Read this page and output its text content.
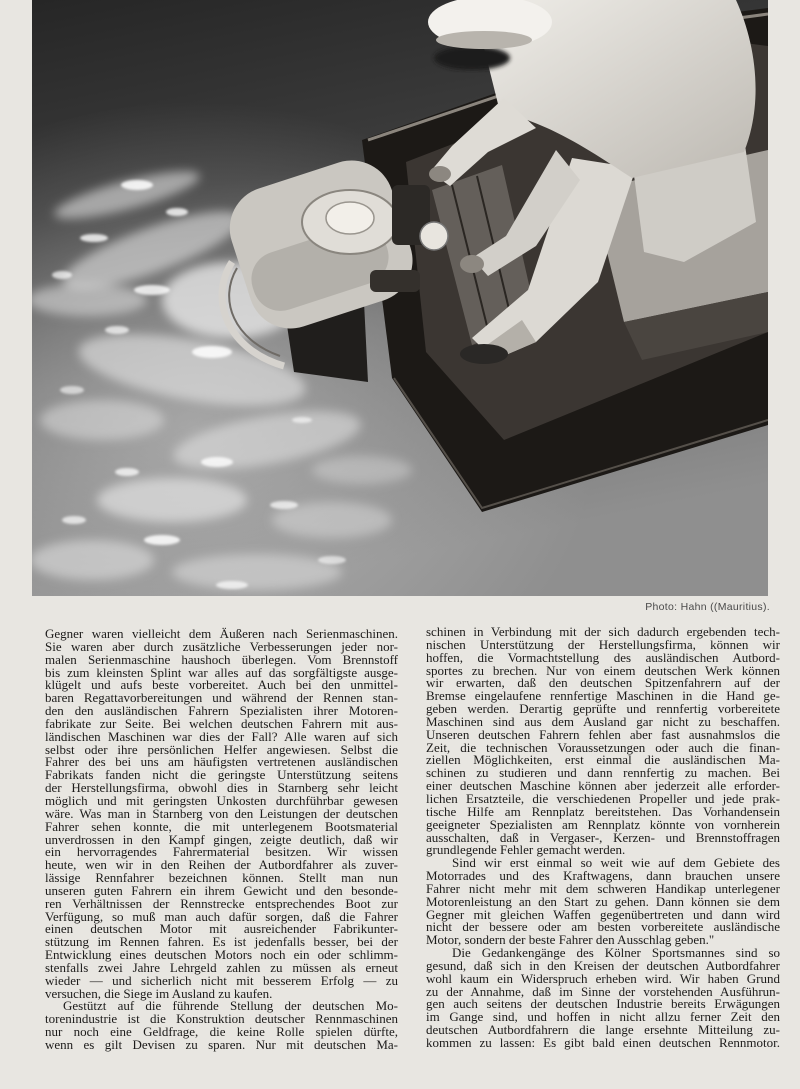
Photo: Hahn ((Mauritius).
Gegner waren vielleicht dem Äußeren nach Serienmaschinen.
Sie waren aber durch zusätzliche Verbesserungen jeder nor-
malen Serienmaschine haushoch überlegen. Vom Brennstoff
bis zum kleinsten Splint war alles auf das sorgfältigste ausge-
klügelt und aufs beste vorbereitet. Auch bei den unmittel-
baren Regattavorbereitungen und während der Rennen stan-
den den ausländischen Fahrern Spezialisten ihrer Motoren-
fabrikate zur Seite. Bei welchen deutschen Fahrern mit aus-
ländischen Maschinen war dies der Fall? Alle waren auf sich
selbst oder ihre persönlichen Helfer angewiesen. Selbst die
Fahrer des bei uns am häufigsten vertretenen ausländischen
Fabrikats fanden nicht die geringste Unterstützung seitens
der Herstellungsfirma, obwohl dies in Starnberg sehr leicht
möglich und mit geringsten Unkosten durchführbar gewesen
wäre. Was man in Starnberg von den Leistungen der deutschen
Fahrer sehen konnte, die mit unterlegenem Bootsmaterial
unverdrossen in den Kampf gingen, zeigte deutlich, daß wir
ein hervorragendes Fahrermaterial besitzen. Wir wissen
heute, wen wir in den Reihen der Autbordfahrer als zuver-
lässige Rennfahrer bezeichnen können. Stellt man nun
unseren guten Fahrern ein ihrem Gewicht und den besonde-
ren Verhältnissen der Rennstrecke entsprechendes Boot zur
Verfügung, so muß man auch dafür sorgen, daß die Fahrer
einen deutschen Motor mit ausreichender Fabrikunter-
stützung im Rennen fahren. Es ist jedenfalls besser, bei der
Entwicklung eines deutschen Motors noch ein oder schlimm-
stenfalls zwei Jahre Lehrgeld zahlen zu müssen als erneut
wieder — und sicherlich nicht mit besserem Erfolg — zu
versuchen, die Siege im Ausland zu kaufen.
Gestützt auf die führende Stellung der deutschen Mo-
torenindustrie ist die Konstruktion deutscher Rennmaschinen
nur noch eine Geldfrage, die keine Rolle spielen dürfte,
wenn es gilt Devisen zu sparen. Nur mit deutschen Ma-
schinen in Verbindung mit der sich dadurch ergebenden tech-
nischen Unterstützung der Herstellungsfirma, können wir
hoffen, die Vormachtstellung des ausländischen Autbord-
sportes zu brechen. Nur von einem deutschen Werk können
wir erwarten, daß den deutschen Spitzenfahrern auf der
Bremse eingelaufene rennfertige Maschinen in die Hand ge-
geben werden. Derartig geprüfte und rennfertig vorbereitete
Maschinen sind aus dem Ausland gar nicht zu beschaffen.
Unseren deutschen Fahrern fehlen aber fast ausnahmslos die
Zeit, die technischen Voraussetzungen oder auch die finan-
ziellen Möglichkeiten, erst einmal die ausländischen Ma-
schinen zu studieren und dann rennfertig zu machen. Bei
einer deutschen Maschine können aber jederzeit alle erforder-
lichen Ersatzteile, die verschiedenen Propeller und jede prak-
tische Hilfe am Rennplatz bereitstehen. Das Vorhandensein
geeigneter Spezialisten am Rennplatz könnte von vornherein
ausschalten, daß in Vergaser-, Kerzen- und Brennstoffragen
grundlegende Fehler gemacht werden.
Sind wir erst einmal so weit wie auf dem Gebiete des
Motorrades und des Kraftwagens, dann brauchen unsere
Fahrer nicht mehr mit dem schweren Handikap unterlegener
Motorenleistung an den Start zu gehen. Dann können sie dem
Gegner mit gleichen Waffen gegenübertreten und dann wird
nicht der bessere oder am besten vorbereitete ausländische
Motor, sondern der beste Fahrer den Ausschlag geben."
Die Gedankengänge des Kölner Sportsmannes sind so
gesund, daß sich in den Kreisen der deutschen Autbordfahrer
wohl kaum ein Widerspruch erheben wird. Wir haben Grund
zu der Annahme, daß im Sinne der vorstehenden Ausführun-
gen auch seitens der deutschen Industrie bereits Erwägungen
im Gange sind, und hoffen in nicht allzu ferner Zeit den
deutschen Autbordfahrern die lange ersehnte Mitteilung zu-
kommen zu lassen: Es gibt bald einen deutschen Rennmotor.
